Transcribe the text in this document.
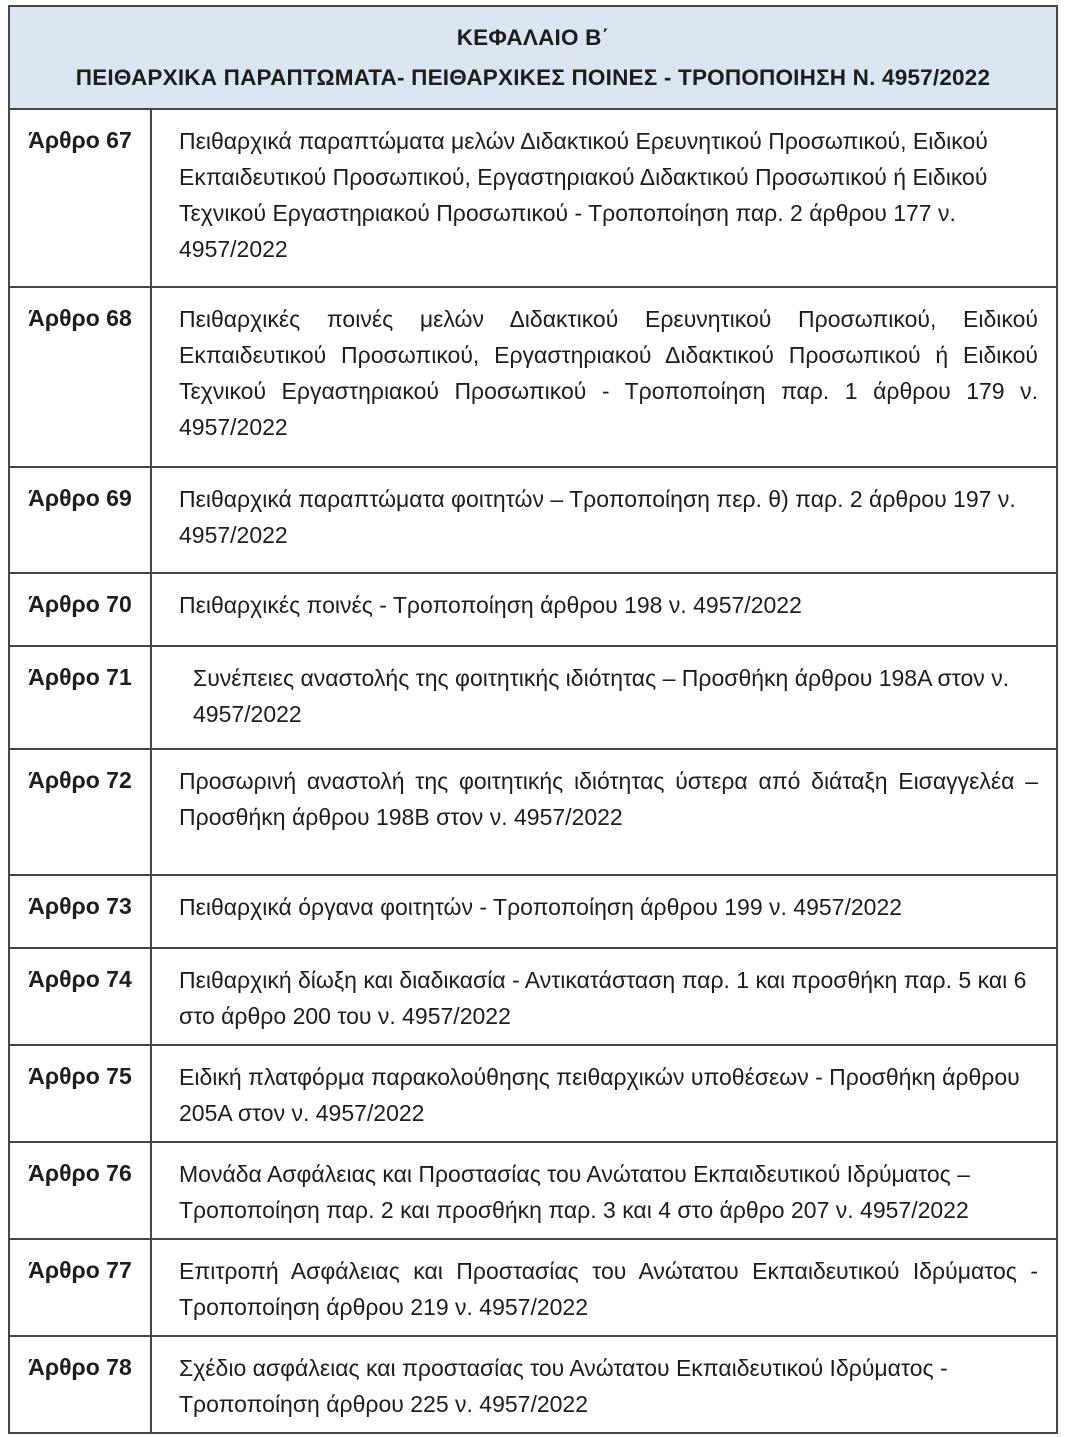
ΚΕΦΑΛΑΙΟ Β΄
ΠΕΙΘΑΡΧΙΚΑ ΠΑΡΑΠΤΩΜΑΤΑ- ΠΕΙΘΑΡΧΙΚΕΣ ΠΟΙΝΕΣ - ΤΡΟΠΟΠΟΙΗΣΗ Ν. 4957/2022
Άρθρο 67	Πειθαρχικά παραπτώματα μελών Διδακτικού Ερευνητικού Προσωπικού, Ειδικού Εκπαιδευτικού Προσωπικού, Εργαστηριακού Διδακτικού Προσωπικού ή Ειδικού Τεχνικού Εργαστηριακού Προσωπικού - Τροποποίηση παρ. 2 άρθρου 177 ν. 4957/2022
Άρθρο 68	Πειθαρχικές ποινές μελών Διδακτικού Ερευνητικού Προσωπικού, Ειδικού Εκπαιδευτικού Προσωπικού, Εργαστηριακού Διδακτικού Προσωπικού ή Ειδικού Τεχνικού Εργαστηριακού Προσωπικού - Τροποποίηση παρ. 1 άρθρου 179 ν. 4957/2022
Άρθρο 69	Πειθαρχικά παραπτώματα φοιτητών – Τροποποίηση περ. θ) παρ. 2 άρθρου 197 ν. 4957/2022
Άρθρο 70	Πειθαρχικές ποινές - Τροποποίηση άρθρου 198 ν. 4957/2022
Άρθρο 71	Συνέπειες αναστολής της φοιτητικής ιδιότητας – Προσθήκη άρθρου 198Α στον ν. 4957/2022
Άρθρο 72	Προσωρινή αναστολή της φοιτητικής ιδιότητας ύστερα από διάταξη Εισαγγελέα – Προσθήκη άρθρου 198Β στον ν. 4957/2022
Άρθρο 73	Πειθαρχικά όργανα φοιτητών - Τροποποίηση άρθρου 199 ν. 4957/2022
Άρθρο 74	Πειθαρχική δίωξη και διαδικασία - Αντικατάσταση παρ. 1 και προσθήκη παρ. 5 και 6 στο άρθρο 200 του ν. 4957/2022
Άρθρο 75	Ειδική πλατφόρμα παρακολούθησης πειθαρχικών υποθέσεων - Προσθήκη άρθρου 205Α στον ν. 4957/2022
Άρθρο 76	Μονάδα Ασφάλειας και Προστασίας του Ανώτατου Εκπαιδευτικού Ιδρύματος – Τροποποίηση παρ. 2 και προσθήκη παρ. 3 και 4 στο άρθρο 207 ν. 4957/2022
Άρθρο 77	Επιτροπή Ασφάλειας και Προστασίας του Ανώτατου Εκπαιδευτικού Ιδρύματος - Τροποποίηση άρθρου 219 ν. 4957/2022
Άρθρο 78	Σχέδιο ασφάλειας και προστασίας του Ανώτατου Εκπαιδευτικού Ιδρύματος - Τροποποίηση άρθρου 225 ν. 4957/2022
